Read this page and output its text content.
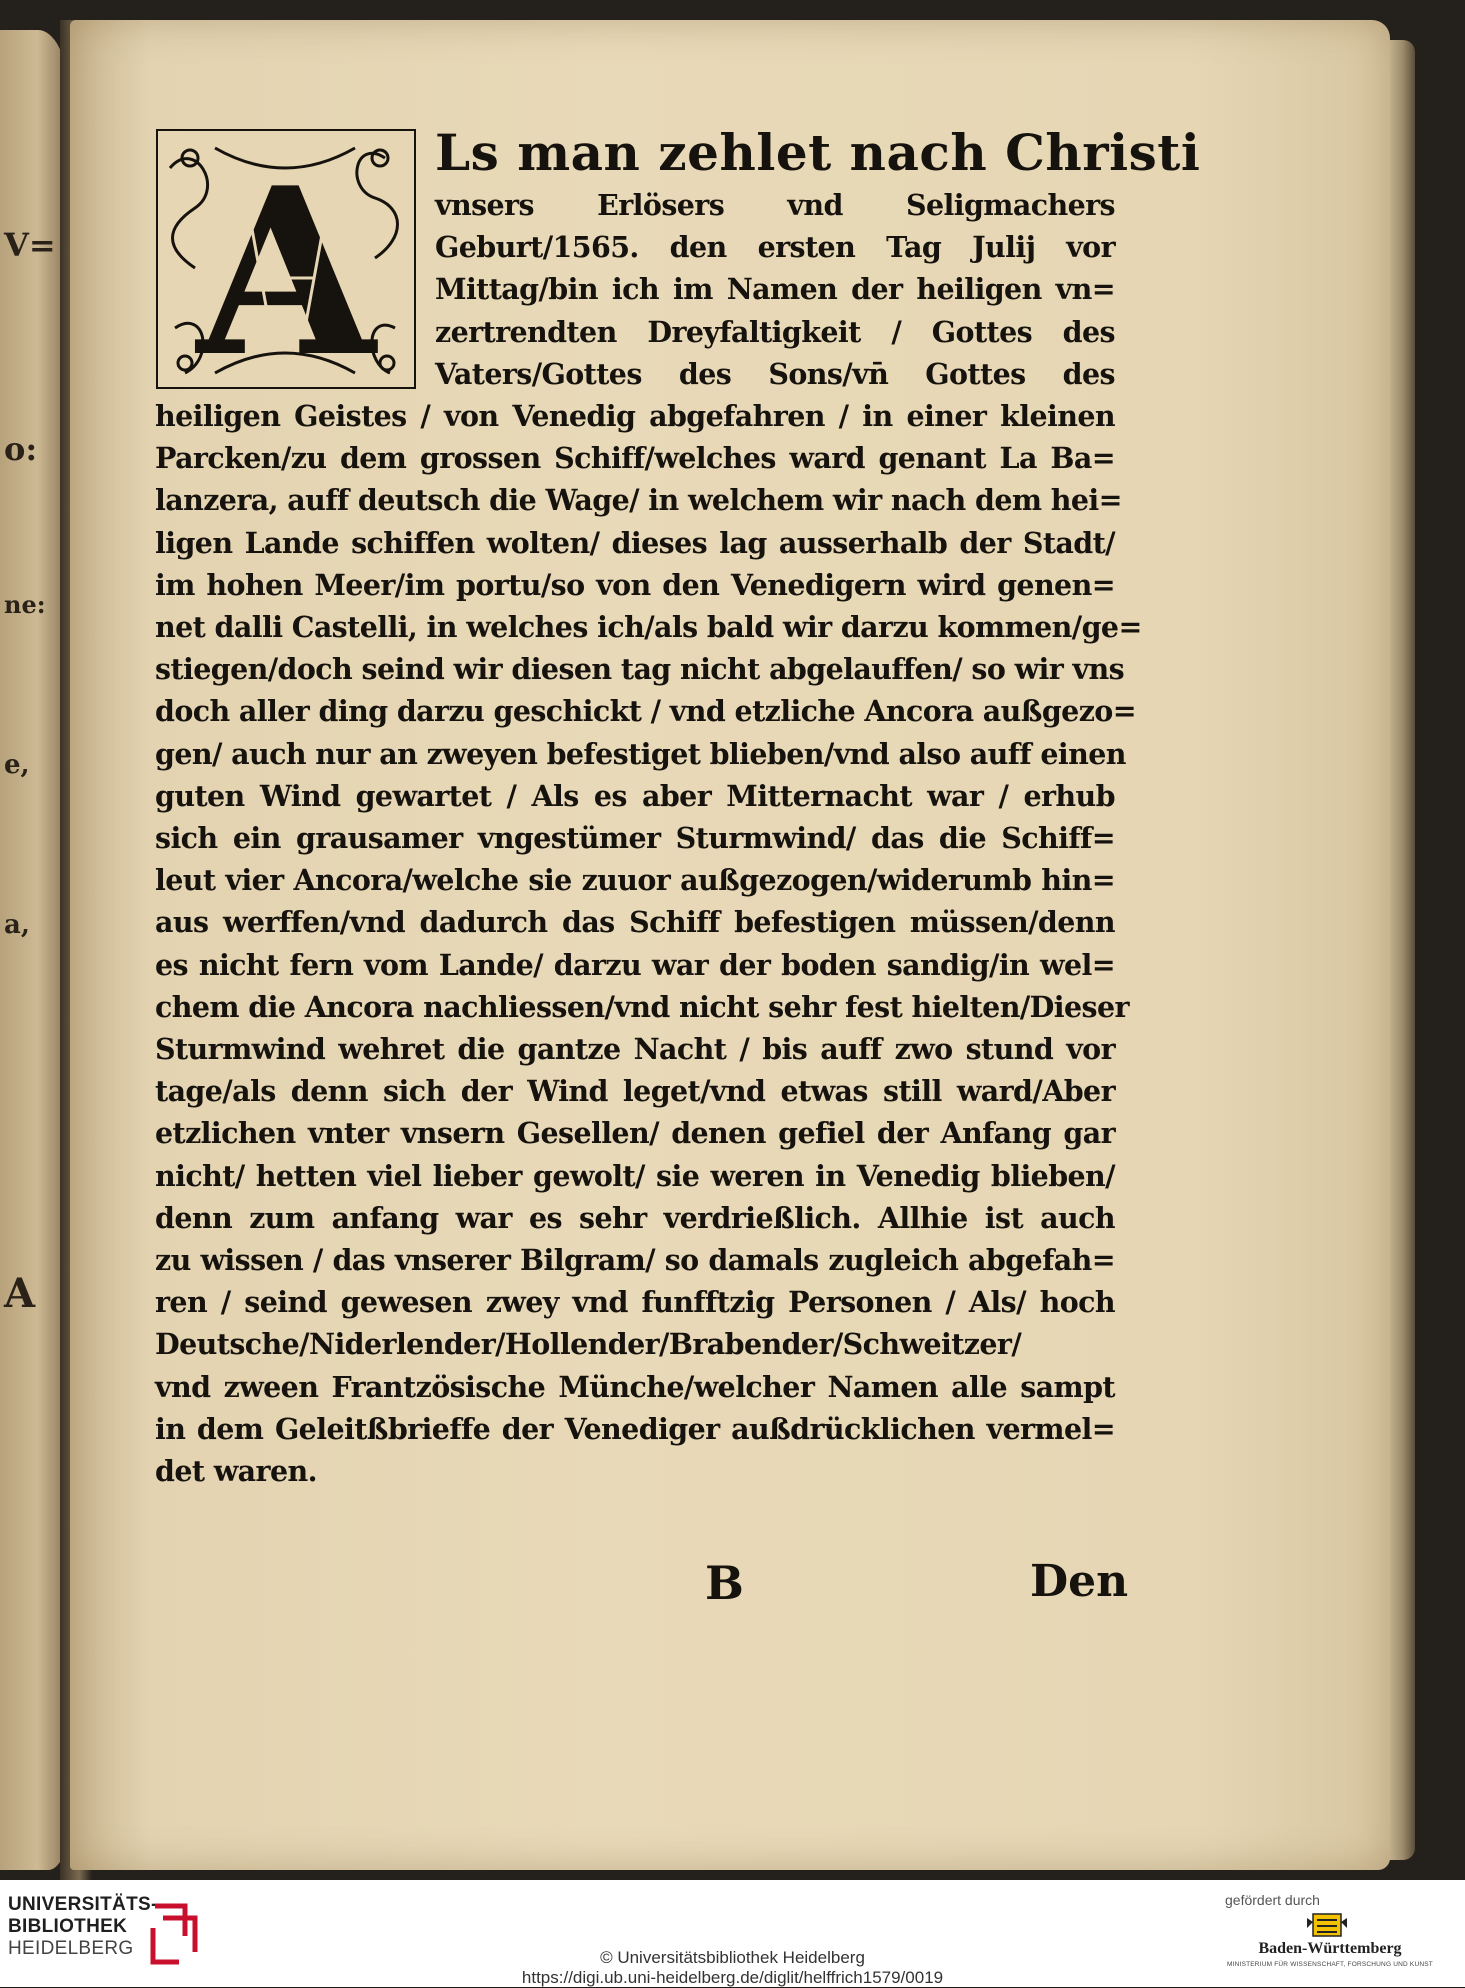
V=
o:
ne:
e,
a,
A
A Ls man zehlet nach Christi
vnsers Erlösers vnd Seligmachers
Geburt/1565. den ersten Tag Julij vor
Mittag/bin ich im Namen der heiligen vn=
zertrendten Dreyfaltigkeit / Gottes des
Vaters/Gottes des Sons/vn̄ Gottes des
heiligen Geistes / von Venedig abgefahren / in einer kleinen
Parcken/zu dem grossen Schiff/welches ward genant La Ba=
lanzera, auff deutsch die Wage/ in welchem wir nach dem hei=
ligen Lande schiffen wolten/ dieses lag ausserhalb der Stadt/
im hohen Meer/im portu/so von den Venedigern wird genen=
net dalli Castelli, in welches ich/als bald wir darzu kommen/ge=
stiegen/doch seind wir diesen tag nicht abgelauffen/ so wir vns
doch aller ding darzu geschickt / vnd etzliche Ancora außgezo=
gen/ auch nur an zweyen befestiget blieben/vnd also auff einen
guten Wind gewartet / Als es aber Mitternacht war / erhub
sich ein grausamer vngestümer Sturmwind/ das die Schiff=
leut vier Ancora/welche sie zuuor außgezogen/widerumb hin=
aus werffen/vnd dadurch das Schiff befestigen müssen/denn
es nicht fern vom Lande/ darzu war der boden sandig/in wel=
chem die Ancora nachliessen/vnd nicht sehr fest hielten/Dieser
Sturmwind wehret die gantze Nacht / bis auff zwo stund vor
tage/als denn sich der Wind leget/vnd etwas still ward/Aber
etzlichen vnter vnsern Gesellen/ denen gefiel der Anfang gar
nicht/ hetten viel lieber gewolt/ sie weren in Venedig blieben/
denn zum anfang war es sehr verdrießlich. Allhie ist auch
zu wissen / das vnserer Bilgram/ so damals zugleich abgefah=
ren / seind gewesen zwey vnd funfftzig Personen / Als/ hoch
Deutsche/Niderlender/Hollender/Brabender/Schweitzer/
vnd zween Frantzösische Münche/welcher Namen alle sampt
in dem Geleitßbrieffe der Venediger außdrücklichen vermel=
det waren.
B	Den
UNIVERSITÄTS-
BIBLIOTHEK
HEIDELBERG	© Universitätsbibliothek Heidelberg
https://digi.ub.uni-heidelberg.de/diglit/helffrich1579/0019
gefördert durch
Baden-Württemberg
MINISTERIUM FÜR WISSENSCHAFT, FORSCHUNG UND KUNST
